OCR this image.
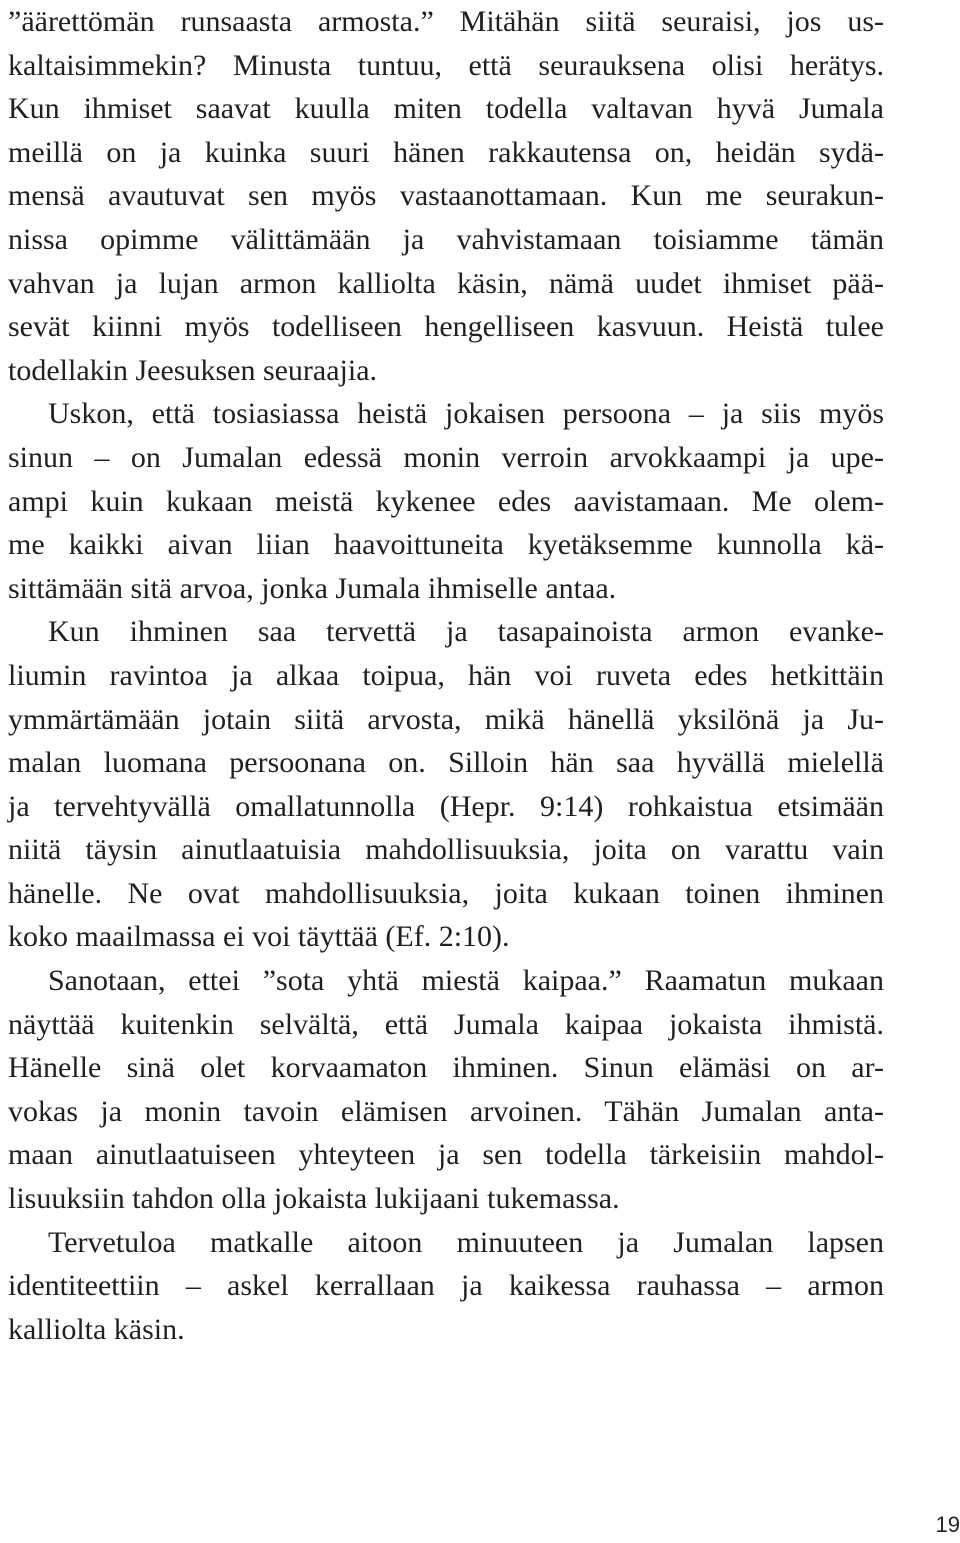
”äärettömän runsaasta armosta.” Mitähän siitä seuraisi, jos us-
kaltaisimmekin? Minusta tuntuu, että seurauksena olisi herätys.
Kun ihmiset saavat kuulla miten todella valtavan hyvä Jumala
meillä on ja kuinka suuri hänen rakkautensa on, heidän sydä-
mensä avautuvat sen myös vastaanottamaan. Kun me seurakun-
nissa opimme välittämään ja vahvistamaan toisiamme tämän
vahvan ja lujan armon kalliolta käsin, nämä uudet ihmiset pää-
sevät kiinni myös todelliseen hengelliseen kasvuun. Heistä tulee
todellakin Jeesuksen seuraajia.
Uskon, että tosiasiassa heistä jokaisen persoona – ja siis myös
sinun – on Jumalan edessä monin verroin arvokkaampi ja upe-
ampi kuin kukaan meistä kykenee edes aavistamaan. Me olem-
me kaikki aivan liian haavoittuneita kyetäksemme kunnolla kä-
sittämään sitä arvoa, jonka Jumala ihmiselle antaa.
Kun ihminen saa tervettä ja tasapainoista armon evanke-
liumin ravintoa ja alkaa toipua, hän voi ruveta edes hetkittäin
ymmärtämään jotain siitä arvosta, mikä hänellä yksilönä ja Ju-
malan luomana persoonana on. Silloin hän saa hyvällä mielellä
ja tervehtyvällä omallatunnolla (Hepr. 9:14) rohkaistua etsimään
niitä täysin ainutlaatuisia mahdollisuuksia, joita on varattu vain
hänelle. Ne ovat mahdollisuuksia, joita kukaan toinen ihminen
koko maailmassa ei voi täyttää (Ef. 2:10).
Sanotaan, ettei ”sota yhtä miestä kaipaa.” Raamatun mukaan
näyttää kuitenkin selvältä, että Jumala kaipaa jokaista ihmistä.
Hänelle sinä olet korvaamaton ihminen. Sinun elämäsi on ar-
vokas ja monin tavoin elämisen arvoinen. Tähän Jumalan anta-
maan ainutlaatuiseen yhteyteen ja sen todella tärkeisiin mahdol-
lisuuksiin tahdon olla jokaista lukijaani tukemassa.
Tervetuloa matkalle aitoon minuuteen ja Jumalan lapsen
identiteettiin – askel kerrallaan ja kaikessa rauhassa – armon
kalliolta käsin.
19
